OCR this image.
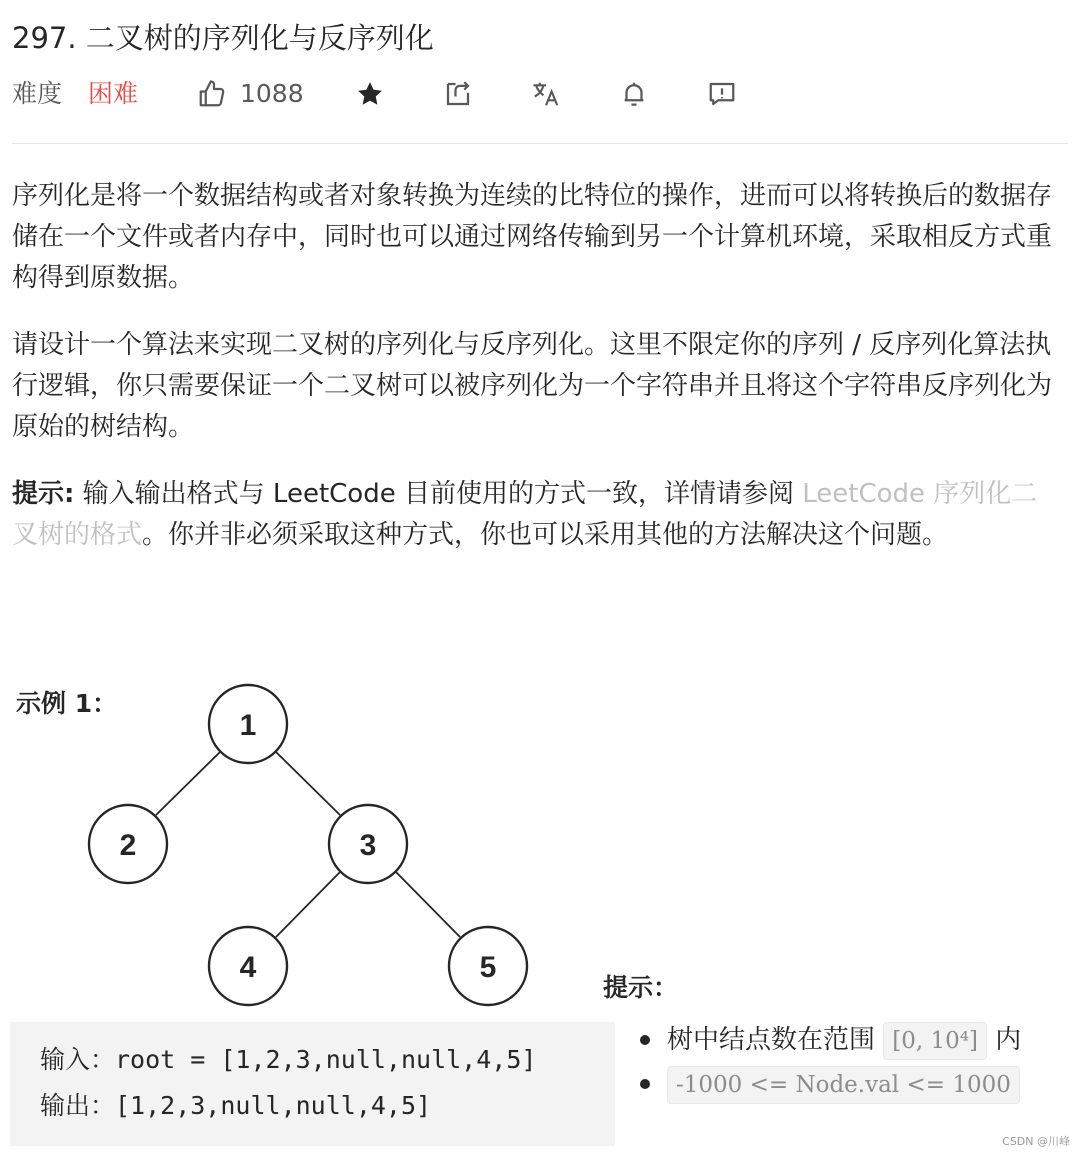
297. 二叉树的序列化与反序列化
难度 困难	1088

序列化是将一个数据结构或者对象转换为连续的比特位的操作，进而可以将转换后的数据存储在一个文件或者内存中，同时也可以通过网络传输到另一个计算机环境，采取相反方式重构得到原数据。

请设计一个算法来实现二叉树的序列化与反序列化。这里不限定你的序列 / 反序列化算法执行逻辑，你只需要保证一个二叉树可以被序列化为一个字符串并且将这个字符串反序列化为原始的树结构。

提示: 输入输出格式与 LeetCode 目前使用的方式一致，详情请参阅 LeetCode 序列化二叉树的格式。你并非必须采取这种方式，你也可以采用其他的方法解决这个问题。

示例 1：
1
2	3
4	5
输入：root = [1,2,3,null,null,4,5]
输出：[1,2,3,null,null,4,5]
提示：
树中结点数在范围 [0, 10⁴] 内
-1000 <= Node.val <= 1000
CSDN @川峰
